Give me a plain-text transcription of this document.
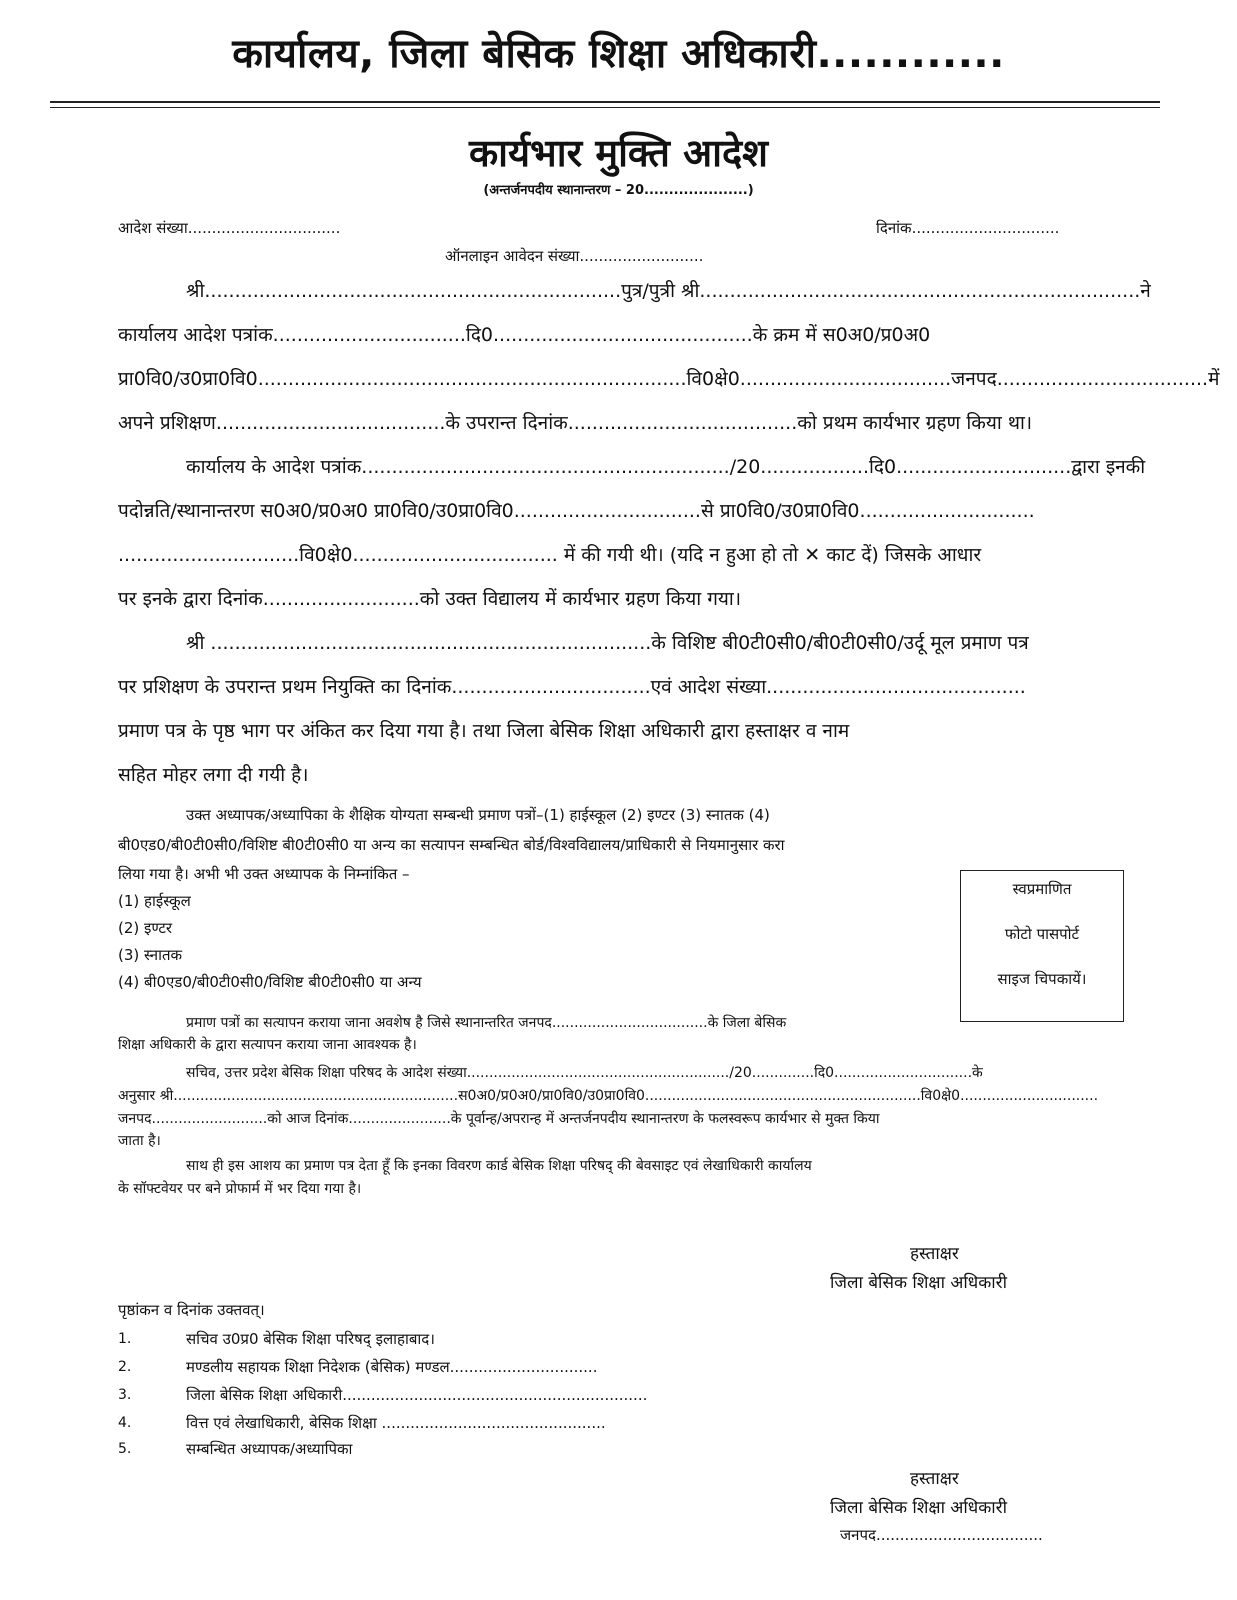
कार्यालय, जिला बेसिक शिक्षा अधिकारी............
कार्यभार मुक्ति आदेश
(अन्तर्जनपदीय स्थानान्तरण – 20.....................)
आदेश संख्या................................	दिनांक...............................
ऑनलाइन आवेदन संख्या..........................
श्री.....................................................................पुत्र/पुत्री श्री.........................................................................ने
कार्यालय आदेश पत्रांक................................दि0...........................................के क्रम में स0अ0/प्र0अ0
प्रा0वि0/उ0प्रा0वि0.......................................................................वि0क्षे0...................................जनपद...................................में
अपने प्रशिक्षण......................................के उपरान्त दिनांक......................................को प्रथम कार्यभार ग्रहण किया था।
कार्यालय के आदेश पत्रांक............................................................./20..................दि0.............................द्वारा इनकी
पदोन्नति/स्थानान्तरण स0अ0/प्र0अ0 प्रा0वि0/उ0प्रा0वि0...............................से प्रा0वि0/उ0प्रा0वि0.............................
..............................वि0क्षे0.................................. में की गयी थी। (यदि न हुआ हो तो ✕ काट दें) जिसके आधार
पर इनके द्वारा दिनांक..........................को उक्त विद्यालय में कार्यभार ग्रहण किया गया।
श्री .........................................................................के विशिष्ट बी0टी0सी0/बी0टी0सी0/उर्दू मूल प्रमाण पत्र
पर प्रशिक्षण के उपरान्त प्रथम नियुक्ति का दिनांक.................................एवं आदेश संख्या...........................................
प्रमाण पत्र के पृष्ठ भाग पर अंकित कर दिया गया है। तथा जिला बेसिक शिक्षा अधिकारी द्वारा हस्ताक्षर व नाम
सहित मोहर लगा दी गयी है।
उक्त अध्यापक/अध्यापिका के शैक्षिक योग्यता सम्बन्धी प्रमाण पत्रों–(1) हाईस्कूल (2) इण्टर (3) स्नातक (4)
बी0एड0/बी0टी0सी0/विशिष्ट बी0टी0सी0 या अन्य का सत्यापन सम्बन्धित बोर्ड/विश्वविद्यालय/प्राधिकारी से नियमानुसार करा
लिया गया है। अभी भी उक्त अध्यापक के निम्नांकित –
(1) हाईस्कूल
(2) इण्टर
(3) स्नातक
(4) बी0एड0/बी0टी0सी0/विशिष्ट बी0टी0सी0 या अन्य
स्वप्रमाणित
फोटो पासपोर्ट
साइज चिपकायें।
प्रमाण पत्रों का सत्यापन कराया जाना अवशेष है जिसे स्थानान्तरित जनपद...................................के जिला बेसिक
शिक्षा अधिकारी के द्वारा सत्यापन कराया जाना आवश्यक है।
सचिव, उत्तर प्रदेश बेसिक शिक्षा परिषद के आदेश संख्या.........................................................../20..............दि0...............................के
अनुसार श्री................................................................स0अ0/प्र0अ0/प्रा0वि0/उ0प्रा0वि0..............................................................वि0क्षे0...............................
जनपद..........................को आज दिनांक.......................के पूर्वान्ह/अपरान्ह में अन्तर्जनपदीय स्थानान्तरण के फलस्वरूप कार्यभार से मुक्त किया
जाता है।
साथ ही इस आशय का प्रमाण पत्र देता हूँ कि इनका विवरण कार्ड बेसिक शिक्षा परिषद् की बेवसाइट एवं लेखाधिकारी कार्यालय
के सॉफ्टवेयर पर बने प्रोफार्म में भर दिया गया है।
हस्ताक्षर
जिला बेसिक शिक्षा अधिकारी
पृष्ठांकन व दिनांक उक्तवत्।
1.	सचिव उ0प्र0 बेसिक शिक्षा परिषद् इलाहाबाद।
2.	मण्डलीय सहायक शिक्षा निदेशक (बेसिक) मण्डल...............................
3.	जिला बेसिक शिक्षा अधिकारी................................................................
4.	वित्त एवं लेखाधिकारी, बेसिक शिक्षा ...............................................
5.	सम्बन्धित अध्यापक/अध्यापिका
हस्ताक्षर
जिला बेसिक शिक्षा अधिकारी
जनपद...................................
